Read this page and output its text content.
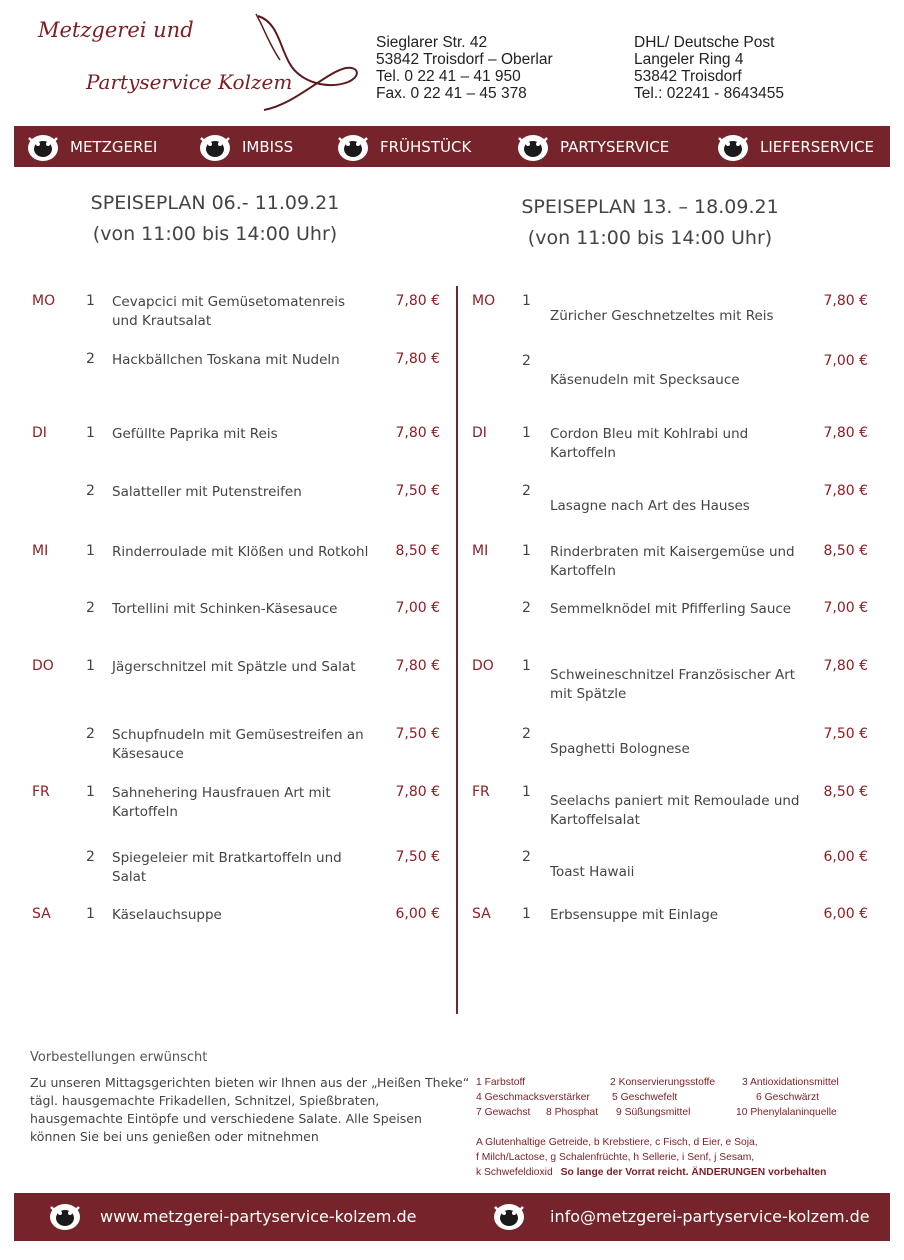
Metzgerei und
Partyservice Kolzem
Sieglarer Str. 42
53842 Troisdorf – Oberlar
Tel. 0 22 41 – 41 950
Fax. 0 22 41 – 45 378
DHL/ Deutsche Post
Langeler Ring 4
53842 Troisdorf
Tel.: 02241 - 8643455
METZGEREI	IMBISS	FRÜHSTÜCK	PARTYSERVICE	LIEFERSERVICE
SPEISEPLAN 06.- 11.09.21
(von 11:00 bis 14:00 Uhr)
SPEISEPLAN 13. – 18.09.21
(von 11:00 bis 14:00 Uhr)
MO 1 Cevapcici mit Gemüsetomatenreis und Krautsalat
7,80 €
2 Hackbällchen Toskana mit Nudeln	7,80 €
DI	1 Gefüllte Paprika mit Reis	7,80 €
2 Salatteller mit Putenstreifen	7,50 €
MI	1 Rinderroulade mit Klößen und Rotkohl	8,50 €
2 Tortellini mit Schinken-Käsesauce	7,00 €
DO 1 Jägerschnitzel mit Spätzle und Salat	7,80 €
2 Schupfnudeln mit Gemüsestreifen an Käsesauce
7,50 €
FR	1 Sahnehering Hausfrauen Art mit Kartoffeln
7,80 €
2 Spiegeleier mit Bratkartoffeln und Salat
7,50 €
SA	1 Käselauchsuppe	6,00 €
MO 1
Züricher Geschnetzeltes mit Reis
7,80 €
2
Käsenudeln mit Specksauce
7,00 €
DI	1 Cordon Bleu mit Kohlrabi und Kartoffeln
7,80 €
2
Lasagne nach Art des Hauses
7,80 €
MI 1 Rinderbraten mit Kaisergemüse und Kartoffeln
8,50 €
2 Semmelknödel mit Pfifferling Sauce	7,00 €
DO 1
Schweineschnitzel Französischer Art mit Spätzle
7,80 €
2
Spaghetti Bolognese
7,50 €
FR 1
Seelachs paniert mit Remoulade und Kartoffelsalat
8,50 €
2
Toast Hawaii
6,00 €
SA 1 Erbsensuppe mit Einlage	6,00 €
Vorbestellungen erwünscht
Zu unseren Mittagsgerichten bieten wir Ihnen aus der „Heißen Theke“ tägl. hausgemachte Frikadellen, Schnitzel, Spießbraten, hausgemachte Eintöpfe und verschiedene Salate. Alle Speisen können Sie bei uns genießen oder mitnehmen
1 Farbstoff	2 Konservierungsstoffe	3 Antioxidationsmittel
4 Geschmacksverstärker 5 Geschwefelt	6 Geschwärzt
7 Gewachst 8 Phosphat 9 Süßungsmittel	10 Phenylalaninquelle
A Glutenhaltige Getreide, b Krebstiere, c Fisch, d Eier, e Soja,
f Milch/Lactose, g Schalenfrüchte, h Sellerie, i Senf, j Sesam,
k Schwefeldioxid So lange der Vorrat reicht. ÄNDERUNGEN vorbehalten
www.metzgerei-partyservice-kolzem.de	info@metzgerei-partyservice-kolzem.de
